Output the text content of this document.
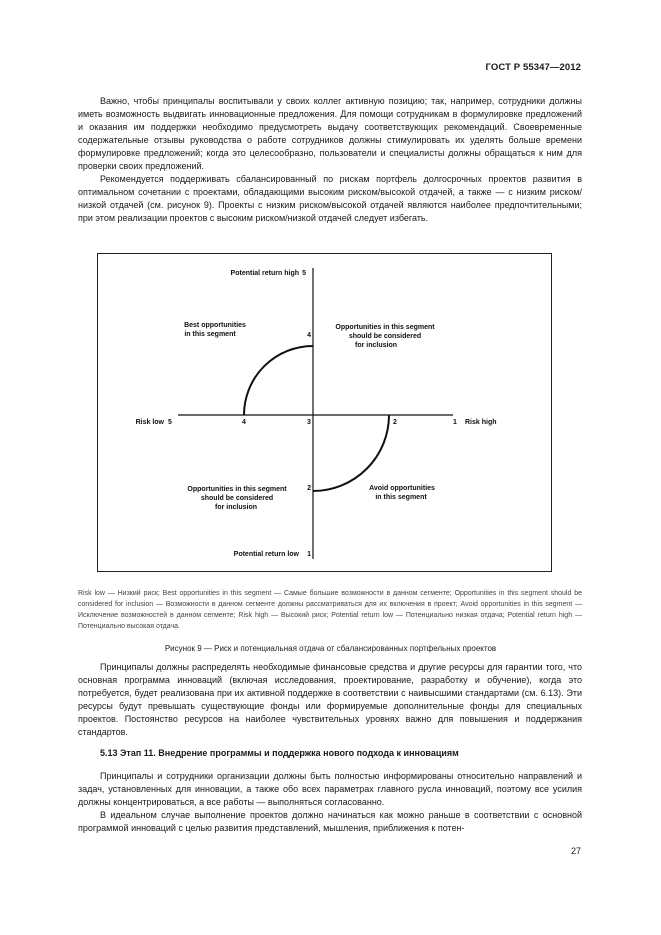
ГОСТ Р 55347—2012

Важно, чтобы принципалы воспитывали у своих коллег активную позицию; так, например, сотрудники должны иметь возможность выдвигать инновационные предложения. Для помощи сотрудникам в формулировке предложений и оказания им поддержки необходимо предусмотреть выдачу соответствующих рекомендаций. Своевременные содержательные отзывы руководства о работе сотрудников должны стимулировать их уделять больше времени формулировке предложений; когда это целесообразно, пользователи и специалисты должны обращаться к ним для проверки своих предложений.

Рекомендуется поддерживать сбалансированный по рискам портфель долгосрочных проектов развития в оптимальном сочетании с проектами, обладающими высоким риском/высокой отдачей, а также — с низким риском/низкой отдачей (см. рисунок 9). Проекты с низким риском/высокой отдачей являются наиболее предпочтительными; при этом реализации проектов с высоким риском/низкой отдачей следует избегать.

Potential return high 5
4
2
Potential return low 1
Risk low 5	4	3	2	1 Risk high
Best opportunities in this segment
Opportunities in this segment should be considered for inclusion
Opportunities in this segment should be considered for inclusion
Avoid opportunities in this segment
Risk low — Низкий риск; Best opportunities in this segment — Самые большие возможности в данном сегменте; Opportunities in this segment should be considered for inclusion — Возможности в данном сегменте должны рассматриваться для их включения в проект; Avoid opportunities in this segment — Исключение возможностей в данном сегменте; Risk high — Высокий риск; Potential return low — Потенциально низкая отдача; Potential return high — Потенциально высокая отдача.
Рисунок 9 — Риск и потенциальная отдача от сбалансированных портфельных проектов

Принципалы должны распределять необходимые финансовые средства и другие ресурсы для гарантии того, что основная программа инноваций (включая исследования, проектирование, разработку и обучение), когда это потребуется, будет реализована при их активной поддержке в соответствии с наивысшими стандартами (см. 6.13). Эти ресурсы будут превышать существующие фонды или формируемые дополнительные фонды для специальных проектов. Постоянство ресурсов на наиболее чувствительных уровнях важно для повышения и поддержания стандартов.

5.13 Этап 11. Внедрение программы и поддержка нового подхода к инновациям

Принципалы и сотрудники организации должны быть полностью информированы относительно направлений и задач, установленных для инновации, а также обо всех параметрах главного русла инноваций, поэтому все усилия должны концентрироваться, а все работы — выполняться согласованно.

В идеальном случае выполнение проектов должно начинаться как можно раньше в соответствии с основной программой инноваций с целью развития представлений, мышления, приближения к потен-

27
